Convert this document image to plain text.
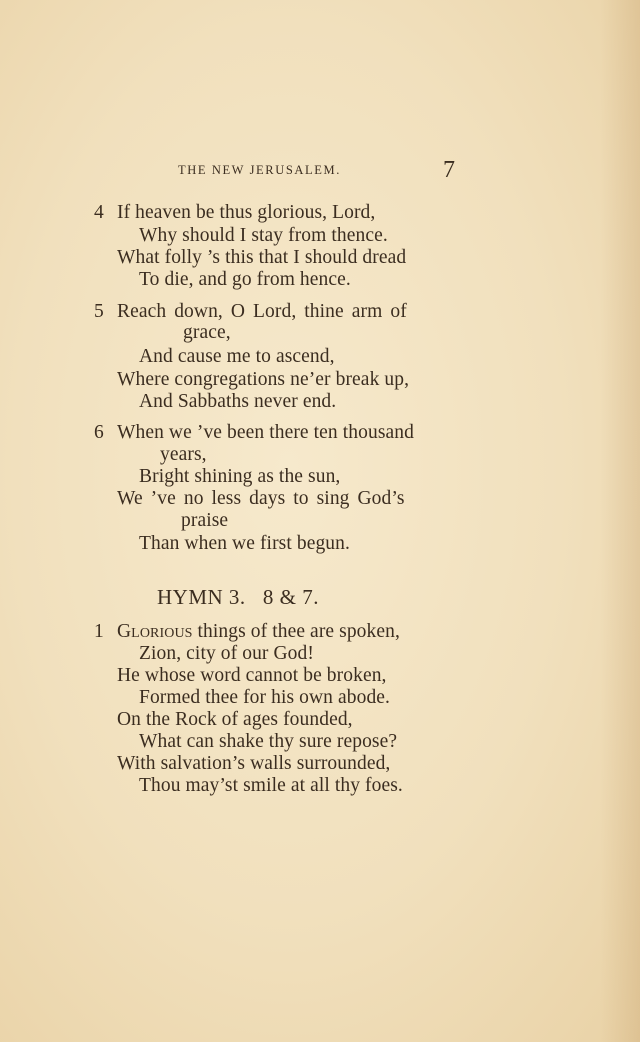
THE NEW JERUSALEM.	7
4 If heaven be thus glorious, Lord,
Why should I stay from thence.
What folly ’s this that I should dread
To die, and go from hence.
5 Reach down, O Lord, thine arm of
grace,
And cause me to ascend,
Where congregations ne’er break up,
And Sabbaths never end.
6 When we ’ve been there ten thousand
years,
Bright shining as the sun,
We ’ve no less days to sing God’s
praise
Than when we first begun.
HYMN 3.   8 & 7.
1 Glorious things of thee are spoken,
Zion, city of our God!
He whose word cannot be broken,
Formed thee for his own abode.
On the Rock of ages founded,
What can shake thy sure repose?
With salvation’s walls surrounded,
Thou may’st smile at all thy foes.
